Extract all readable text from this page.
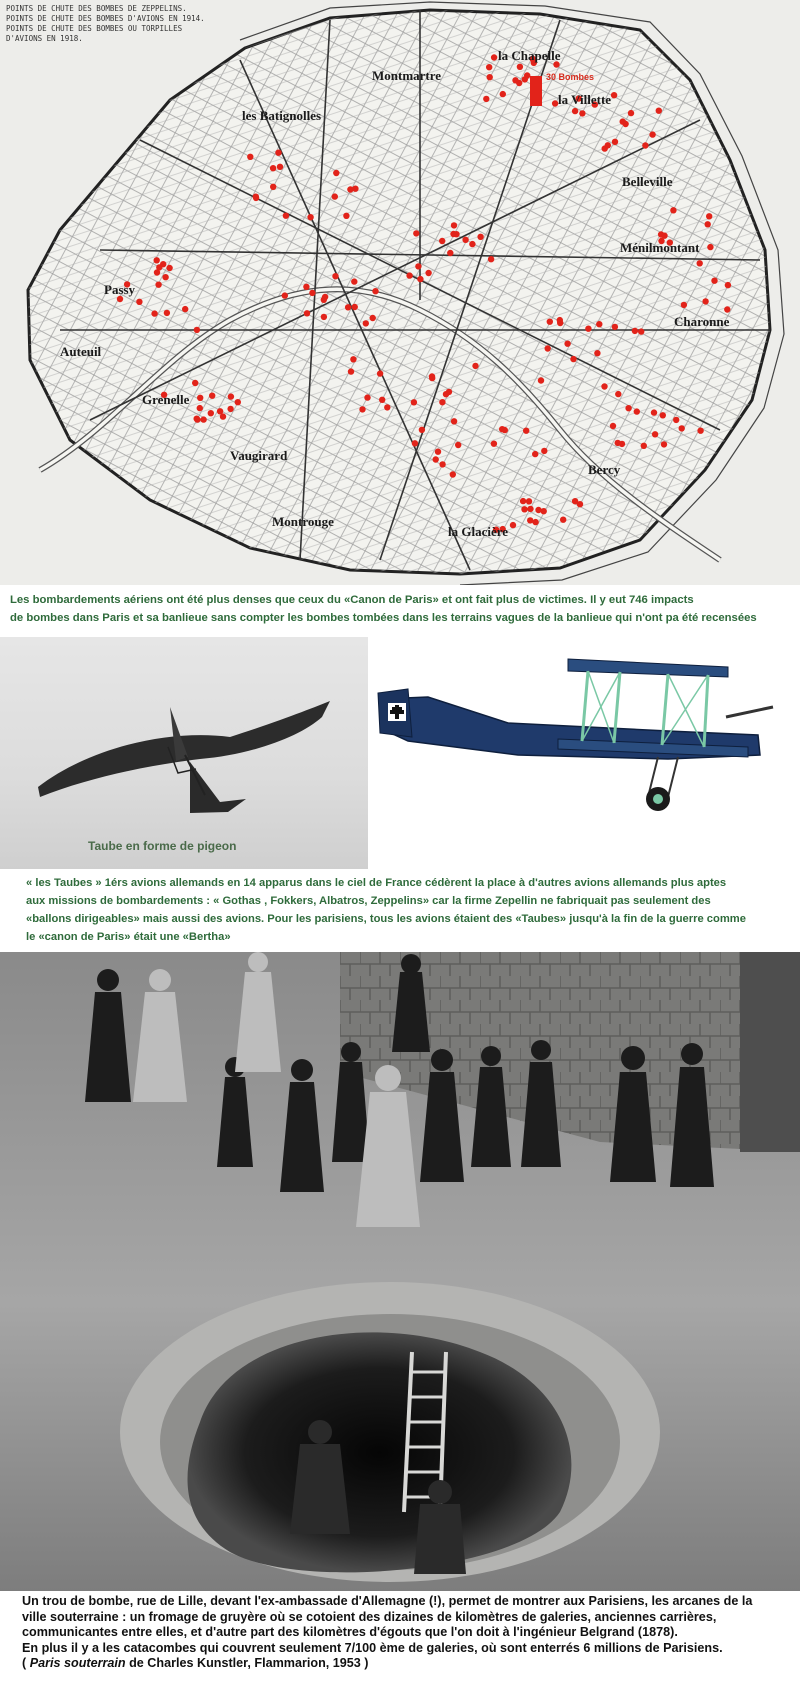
POINTS DE CHUTE DES BOMBES DE ZEPPELINS.
POINTS DE CHUTE DES BOMBES D'AVIONS EN 1914.
POINTS DE CHUTE DES BOMBES OU TORPILLES
D'AVIONS EN 1918.
Montmartre
la Chapelle
la Villette
les Batignolles
Belleville
Ménilmontant
Passy
Charonne
Auteuil
Grenelle
Vaugirard
Bercy
Montrouge
la Glacière
30 Bombes
Les bombardements aériens ont été plus denses que ceux du «Canon de Paris» et ont fait plus de victimes. Il y eut 746 impacts
de bombes dans Paris et sa banlieue sans compter les bombes tombées dans les terrains vagues de la banlieue qui n'ont pa été recensées
Taube en forme de pigeon
« les Taubes » 1érs avions allemands en 14 apparus dans le ciel de France cédèrent la place à d'autres avions allemands plus aptes
aux missions de bombardements : « Gothas , Fokkers, Albatros, Zeppelins» car la firme Zepellin ne fabriquait pas seulement des
«ballons dirigeables» mais aussi des avions. Pour les parisiens, tous les avions étaient des «Taubes» jusqu'à la fin de la guerre comme
le «canon de Paris» était une «Bertha»
Un trou de bombe, rue de Lille, devant l'ex-ambassade d'Allemagne (!), permet de montrer aux Parisiens, les arcanes de la
ville souterraine : un fromage de gruyère où se cotoient des dizaines de kilomètres de galeries, anciennes carrières,
communicantes entre elles, et d'autre part des kilomètres d'égouts que l'on doit à l'ingénieur Belgrand (1878).
En plus il y a les catacombes qui couvrent seulement 7/100 ème de galeries, où sont enterrés 6 millions de Parisiens.
( Paris souterrain de Charles Kunstler, Flammarion, 1953 )
